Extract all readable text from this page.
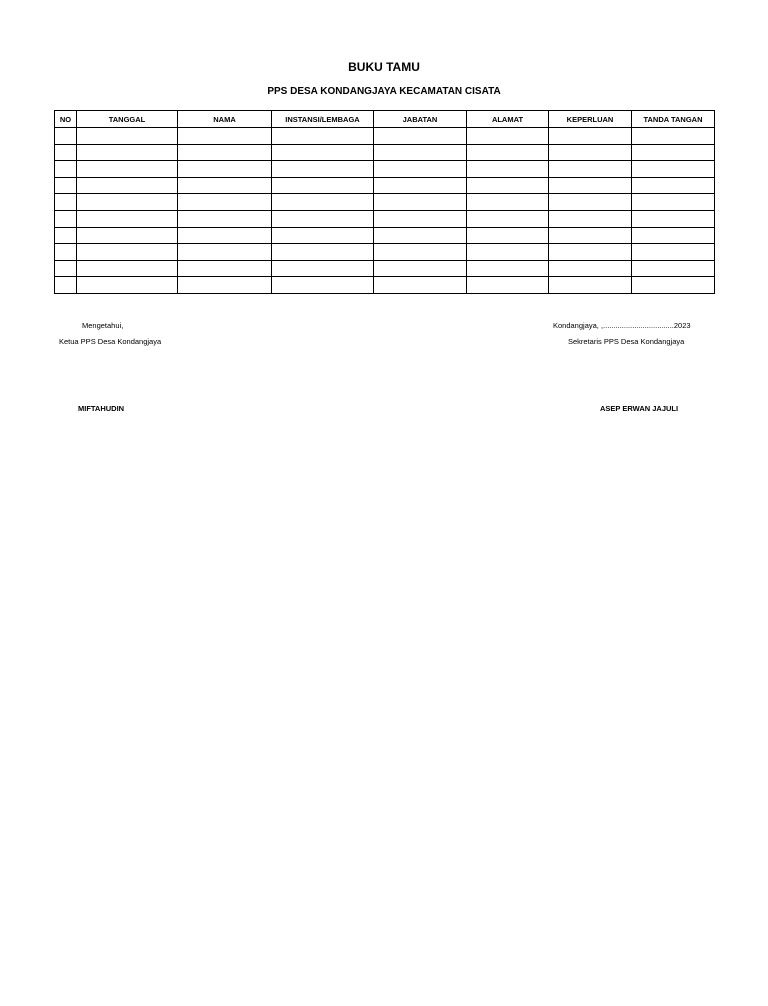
BUKU TAMU
PPS DESA KONDANGJAYA KECAMATAN CISATA
NO	TANGGAL	NAMA	INSTANSI/LEMBAGA	JABATAN	ALAMAT	KEPERLUAN	TANDA TANGAN

Mengetahui,
Ketua PPS Desa Kondangjaya
MIFTAHUDIN
Kondangjaya, ,..................................2023
Sekretaris PPS Desa Kondangjaya
ASEP ERWAN JAJULI
